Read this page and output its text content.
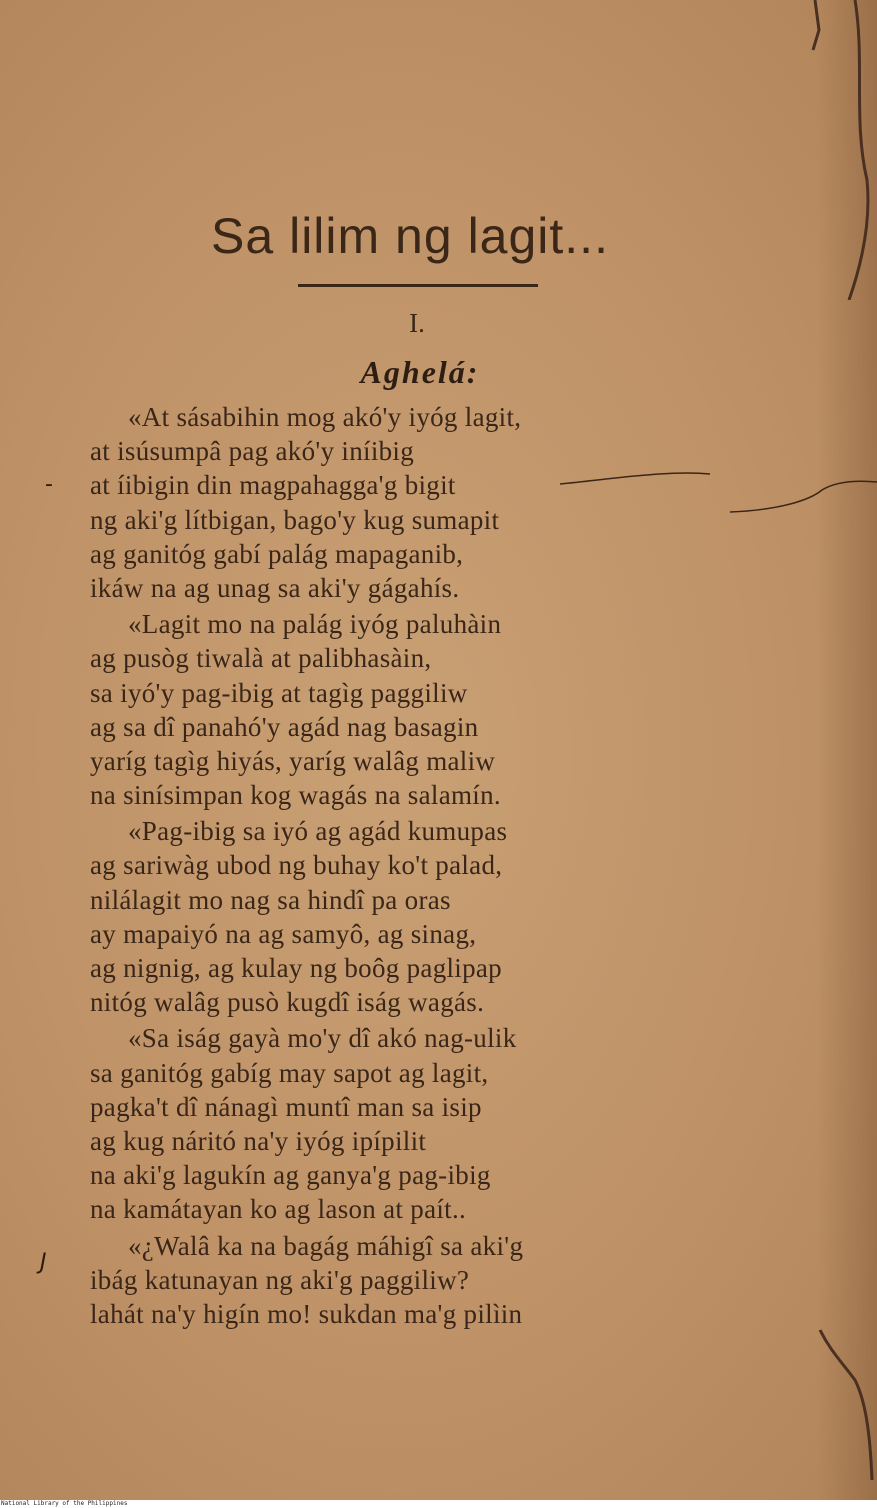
Sa lilim ng lagit...
I.
Aghelá:
«At sásabihin mog akó'y iyóg lagit,
at isúsumpâ pag akó'y iníibig
at íibigin din magpahagga'g bigit
ng aki'g lítbigan, bago'y kug sumapit
ag ganitóg gabí palág mapaganib,
ikáw na ag unag sa aki'y gágahís.
«Lagit mo na palág iyóg paluhàin
ag pusòg tiwalà at palibhasàin,
sa iyó'y pag-ibig at tagìg paggiliw
ag sa dî panahó'y agád nag basagin
yaríg tagìg hiyás, yaríg walâg maliw
na sinísimpan kog wagás na salamín.
«Pag-ibig sa iyó ag agád kumupas
ag sariwàg ubod ng buhay ko't palad,
nilálagit mo nag sa hindî pa oras
ay mapaiyó na ag samyô, ag sinag,
ag nignig, ag kulay ng boôg paglipap
nitóg walâg pusò kugdî iság wagás.
«Sa iság gayà mo'y dî akó nag-ulik
sa ganitóg gabíg may sapot ag lagit,
pagka't dî nánagì muntî man sa isip
ag kug náritó na'y iyóg ipípilit
na aki'g lagukín ag ganya'g pag-ibig
na kamátayan ko ag lason at paít..
«¿Walâ ka na bagág máhigî sa aki'g
ibág katunayan ng aki'g paggiliw?
lahát na'y higín mo! sukdan ma'g pilìin
-
J
National Library of the Philippines
